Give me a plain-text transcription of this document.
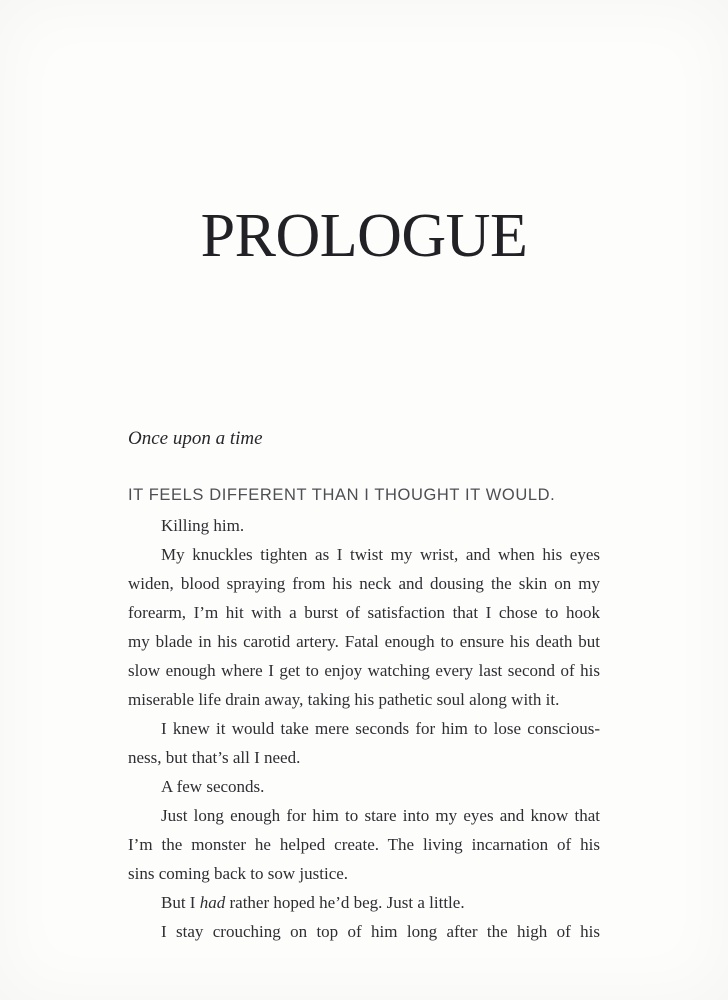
PROLOGUE
Once upon a time
IT FEELS DIFFERENT THAN I THOUGHT IT WOULD.
Killing him.
My knuckles tighten as I twist my wrist, and when his eyes
widen, blood spraying from his neck and dousing the skin on my
forearm, I’m hit with a burst of satisfaction that I chose to hook
my blade in his carotid artery. Fatal enough to ensure his death but
slow enough where I get to enjoy watching every last second of his
miserable life drain away, taking his pathetic soul along with it.
I knew it would take mere seconds for him to lose conscious-
ness, but that’s all I need.
A few seconds.
Just long enough for him to stare into my eyes and know that
I’m the monster he helped create. The living incarnation of his
sins coming back to sow justice.
But I had rather hoped he’d beg. Just a little.
I stay crouching on top of him long after the high of his
